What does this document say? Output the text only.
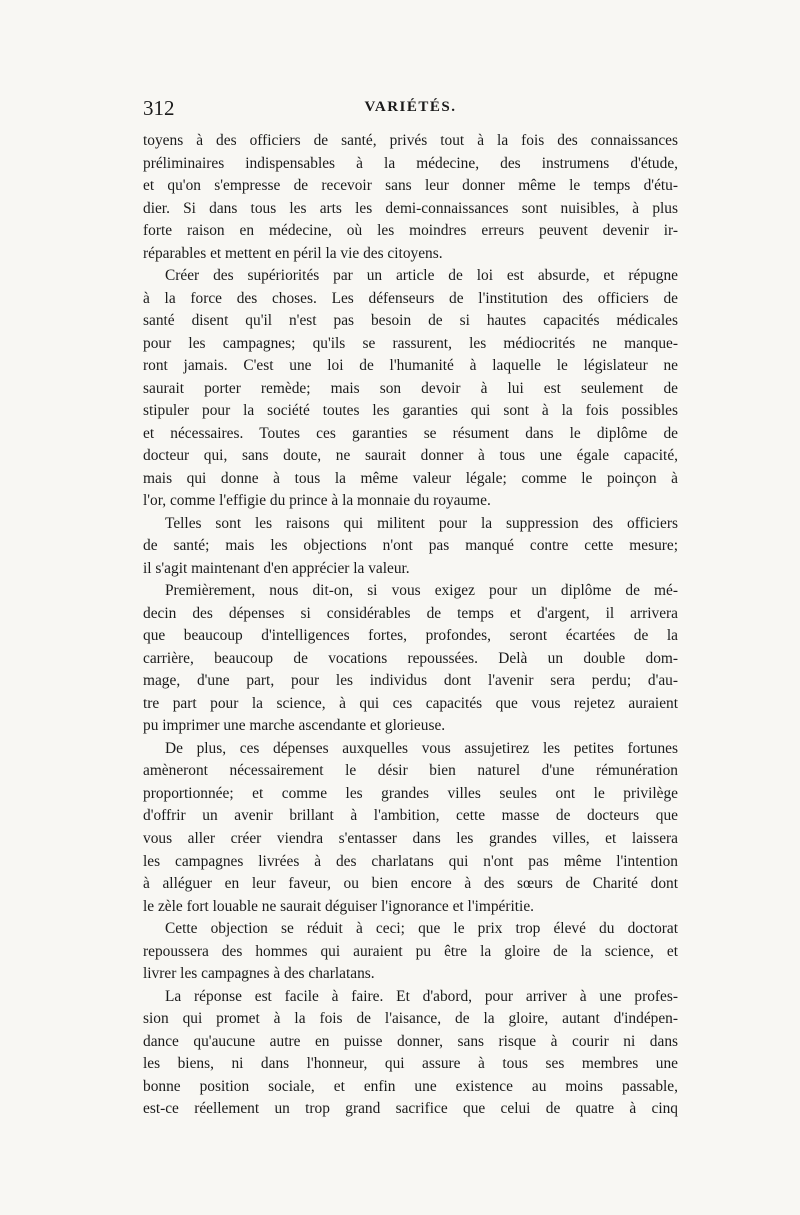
312	VARIÉTÉS.
toyens à des officiers de santé, privés tout à la fois des connaissances
préliminaires indispensables à la médecine, des instrumens d'étude,
et qu'on s'empresse de recevoir sans leur donner même le temps d'étu-
dier. Si dans tous les arts les demi-connaissances sont nuisibles, à plus
forte raison en médecine, où les moindres erreurs peuvent devenir ir-
réparables et mettent en péril la vie des citoyens.
Créer des supériorités par un article de loi est absurde, et répugne
à la force des choses. Les défenseurs de l'institution des officiers de
santé disent qu'il n'est pas besoin de si hautes capacités médicales
pour les campagnes; qu'ils se rassurent, les médiocrités ne manque-
ront jamais. C'est une loi de l'humanité à laquelle le législateur ne
saurait porter remède; mais son devoir à lui est seulement de
stipuler pour la société toutes les garanties qui sont à la fois possibles
et nécessaires. Toutes ces garanties se résument dans le diplôme de
docteur qui, sans doute, ne saurait donner à tous une égale capacité,
mais qui donne à tous la même valeur légale; comme le poinçon à
l'or, comme l'effigie du prince à la monnaie du royaume.
Telles sont les raisons qui militent pour la suppression des officiers
de santé; mais les objections n'ont pas manqué contre cette mesure;
il s'agit maintenant d'en apprécier la valeur.
Premièrement, nous dit-on, si vous exigez pour un diplôme de mé-
decin des dépenses si considérables de temps et d'argent, il arrivera
que beaucoup d'intelligences fortes, profondes, seront écartées de la
carrière, beaucoup de vocations repoussées. Delà un double dom-
mage, d'une part, pour les individus dont l'avenir sera perdu; d'au-
tre part pour la science, à qui ces capacités que vous rejetez auraient
pu imprimer une marche ascendante et glorieuse.
De plus, ces dépenses auxquelles vous assujetirez les petites fortunes
amèneront nécessairement le désir bien naturel d'une rémunération
proportionnée; et comme les grandes villes seules ont le privilège
d'offrir un avenir brillant à l'ambition, cette masse de docteurs que
vous aller créer viendra s'entasser dans les grandes villes, et laissera
les campagnes livrées à des charlatans qui n'ont pas même l'intention
à alléguer en leur faveur, ou bien encore à des sœurs de Charité dont
le zèle fort louable ne saurait déguiser l'ignorance et l'impéritie.
Cette objection se réduit à ceci; que le prix trop élevé du doctorat
repoussera des hommes qui auraient pu être la gloire de la science, et
livrer les campagnes à des charlatans.
La réponse est facile à faire. Et d'abord, pour arriver à une profes-
sion qui promet à la fois de l'aisance, de la gloire, autant d'indépen-
dance qu'aucune autre en puisse donner, sans risque à courir ni dans
les biens, ni dans l'honneur, qui assure à tous ses membres une
bonne position sociale, et enfin une existence au moins passable,
est-ce réellement un trop grand sacrifice que celui de quatre à cinq
